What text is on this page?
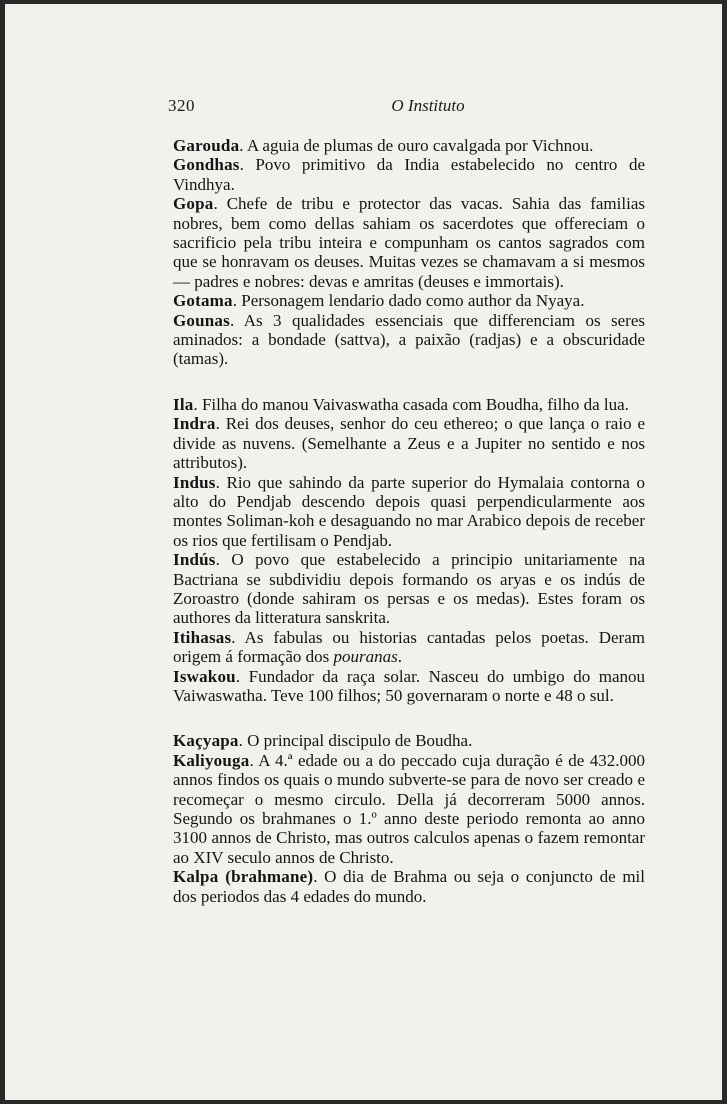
320	O Instituto

Garouda. A aguia de plumas de ouro cavalgada por Vichnou.

Gondhas. Povo primitivo da India estabelecido no centro de Vindhya.

Gopa. Chefe de tribu e protector das vacas. Sahia das familias nobres, bem como dellas sahiam os sacerdotes que offereciam o sacrificio pela tribu inteira e compunham os cantos sagrados com que se honravam os deuses. Muitas vezes se chamavam a si mesmos — padres e nobres: devas e amritas (deuses e immortais).

Gotama. Personagem lendario dado como author da Nyaya.

Gounas. As 3 qualidades essenciais que differenciam os seres aminados: a bondade (sattva), a paixão (radjas) e a obscuridade (tamas).

Ila. Filha do manou Vaivaswatha casada com Boudha, filho da lua.

Indra. Rei dos deuses, senhor do ceu ethereo; o que lança o raio e divide as nuvens. (Semelhante a Zeus e a Jupiter no sentido e nos attributos).

Indus. Rio que sahindo da parte superior do Hymalaia contorna o alto do Pendjab descendo depois quasi perpendicularmente aos montes Soliman-koh e desaguando no mar Arabico depois de receber os rios que fertilisam o Pendjab.

Indús. O povo que estabelecido a principio unitariamente na Bactriana se subdividiu depois formando os aryas e os indús de Zoroastro (donde sahiram os persas e os medas). Estes foram os authores da litteratura sanskrita.

Itihasas. As fabulas ou historias cantadas pelos poetas. Deram origem á formação dos pouranas.

Iswakou. Fundador da raça solar. Nasceu do umbigo do manou Vaiwaswatha. Teve 100 filhos; 50 governaram o norte e 48 o sul.

Kaçyapa. O principal discipulo de Boudha.

Kaliyouga. A 4.ª edade ou a do peccado cuja duração é de 432.000 annos findos os quais o mundo subverte-se para de novo ser creado e recomeçar o mesmo circulo. Della já decorreram 5000 annos. Segundo os brahmanes o 1.º anno deste periodo remonta ao anno 3100 annos de Christo, mas outros calculos apenas o fazem remontar ao XIV seculo annos de Christo.

Kalpa (brahmane). O dia de Brahma ou seja o conjuncto de mil dos periodos das 4 edades do mundo.
